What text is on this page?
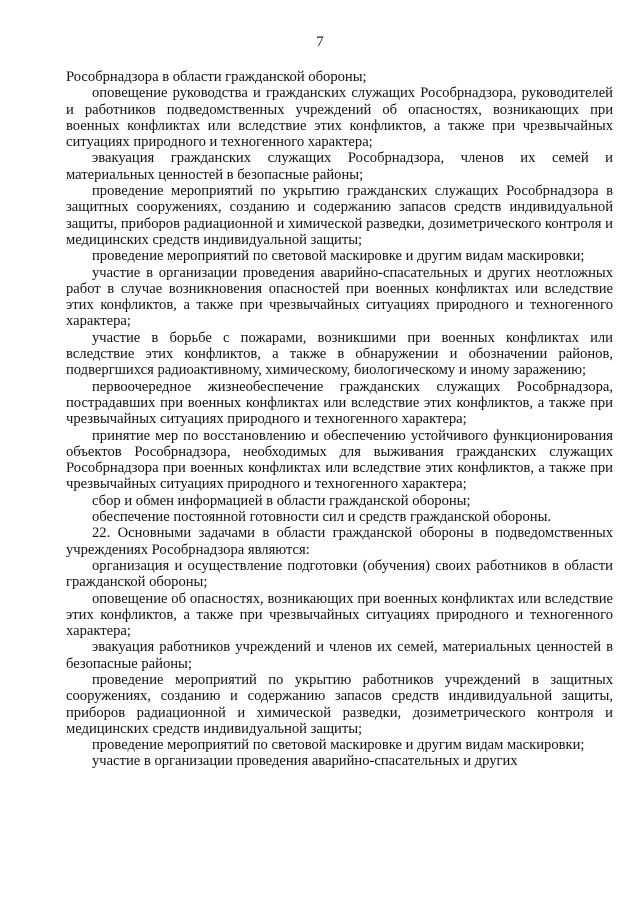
7

Рособрнадзора в области гражданской обороны;

оповещение руководства и гражданских служащих Рособрнадзора, руководителей и работников подведомственных учреждений об опасностях, возникающих при военных конфликтах или вследствие этих конфликтов, а также при чрезвычайных ситуациях природного и техногенного характера;

эвакуация гражданских служащих Рособрнадзора, членов их семей и материальных ценностей в безопасные районы;

проведение мероприятий по укрытию гражданских служащих Рособрнадзора в защитных сооружениях, созданию и содержанию запасов средств индивидуальной защиты, приборов радиационной и химической разведки, дозиметрического контроля и медицинских средств индивидуальной защиты;

проведение мероприятий по световой маскировке и другим видам маскировки;

участие в организации проведения аварийно-спасательных и других неотложных работ в случае возникновения опасностей при военных конфликтах или вследствие этих конфликтов, а также при чрезвычайных ситуациях природного и техногенного характера;

участие в борьбе с пожарами, возникшими при военных конфликтах или вследствие этих конфликтов, а также в обнаружении и обозначении районов, подвергшихся радиоактивному, химическому, биологическому и иному заражению;

первоочередное жизнеобеспечение гражданских служащих Рособрнадзора, пострадавших при военных конфликтах или вследствие этих конфликтов, а также при чрезвычайных ситуациях природного и техногенного характера;

принятие мер по восстановлению и обеспечению устойчивого функционирования объектов Рособрнадзора, необходимых для выживания гражданских служащих Рособрнадзора при военных конфликтах или вследствие этих конфликтов, а также при чрезвычайных ситуациях природного и техногенного характера;

сбор и обмен информацией в области гражданской обороны;

обеспечение постоянной готовности сил и средств гражданской обороны.

22. Основными задачами в области гражданской обороны в подведомственных учреждениях Рособрнадзора являются:

организация и осуществление подготовки (обучения) своих работников в области гражданской обороны;

оповещение об опасностях, возникающих при военных конфликтах или вследствие этих конфликтов, а также при чрезвычайных ситуациях природного и техногенного характера;

эвакуация работников учреждений и членов их семей, материальных ценностей в безопасные районы;

проведение мероприятий по укрытию работников учреждений в защитных сооружениях, созданию и содержанию запасов средств индивидуальной защиты, приборов радиационной и химической разведки, дозиметрического контроля и медицинских средств индивидуальной защиты;

проведение мероприятий по световой маскировке и другим видам маскировки;

участие в организации проведения аварийно-спасательных и других
